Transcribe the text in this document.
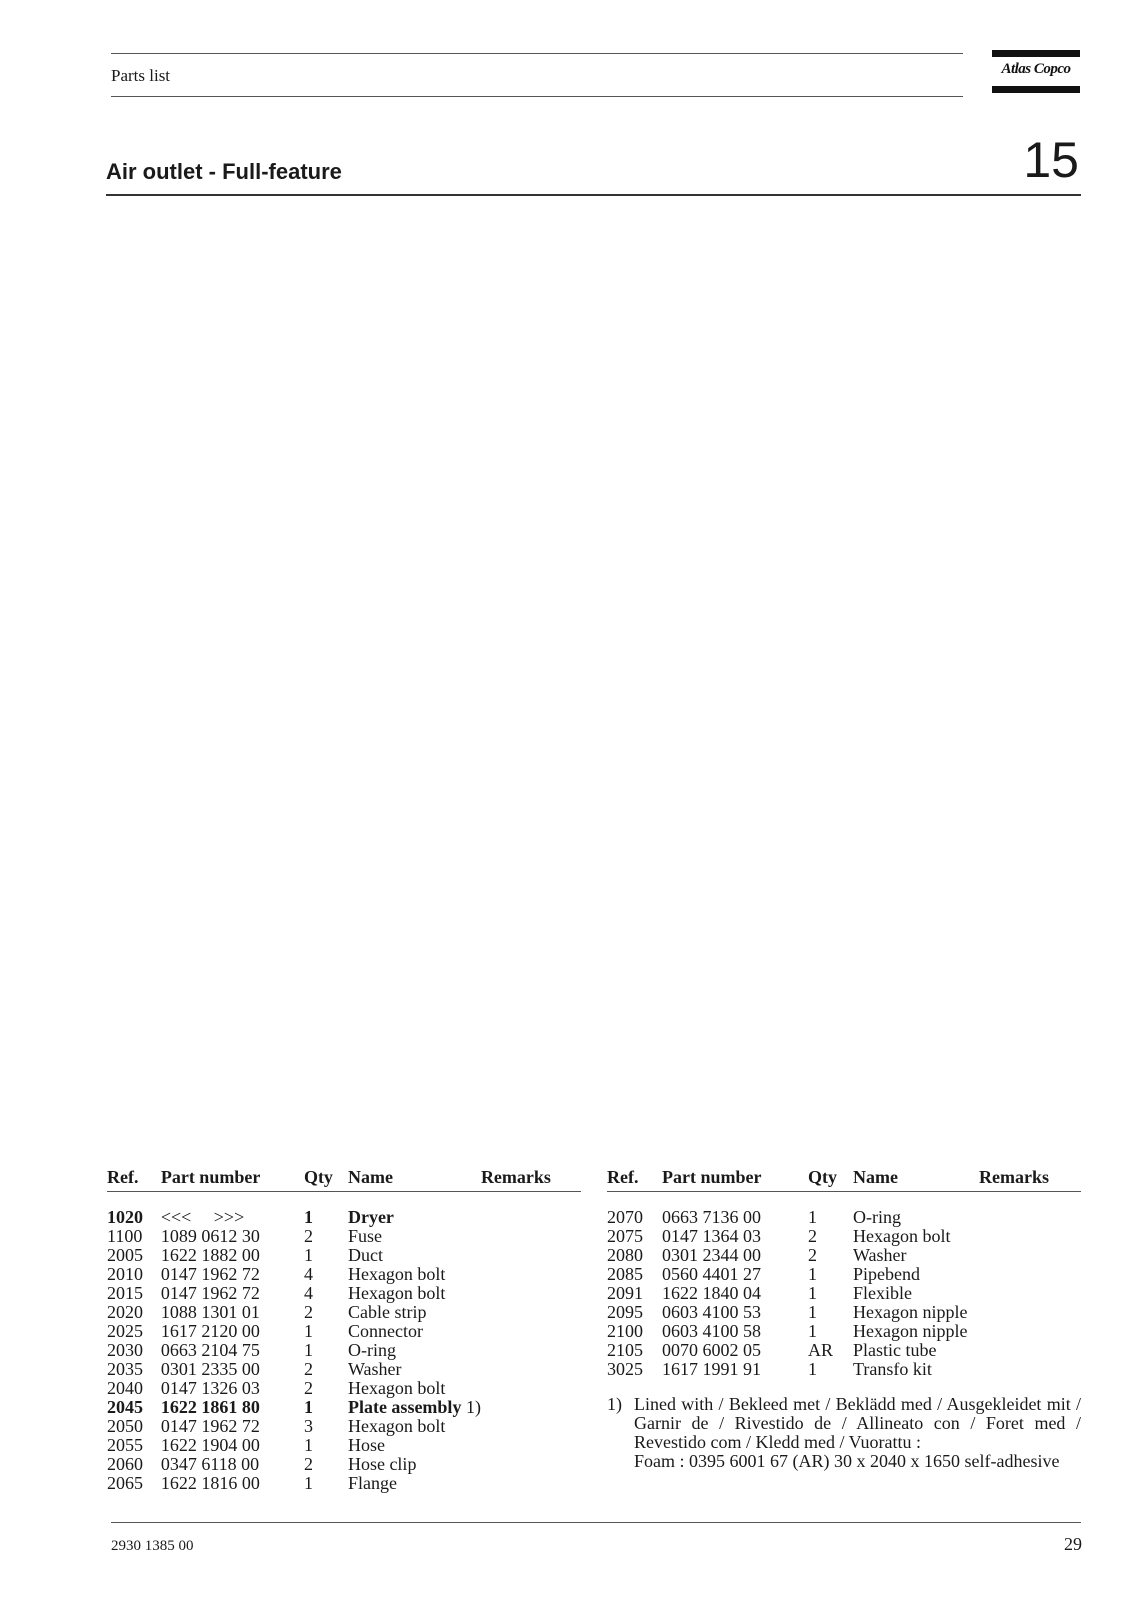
Parts list	Atlas Copco
Air outlet - Full-feature	15
Ref.	Part number	Qty	Name	Remarks

1020	<<<     >>>	1	Dryer	
1100	1089 0612 30	2	Fuse	
2005	1622 1882 00	1	Duct	
2010	0147 1962 72	4	Hexagon bolt	
2015	0147 1962 72	4	Hexagon bolt	
2020	1088 1301 01	2	Cable strip	
2025	1617 2120 00	1	Connector	
2030	0663 2104 75	1	O-ring	
2035	0301 2335 00	2	Washer	
2040	0147 1326 03	2	Hexagon bolt	
2045	1622 1861 80	1	Plate assembly 1)	
2050	0147 1962 72	3	Hexagon bolt	
2055	1622 1904 00	1	Hose	
2060	0347 6118 00	2	Hose clip	
2065	1622 1816 00	1	Flange	
Ref.	Part number	Qty	Name	Remarks

2070	0663 7136 00	1	O-ring	
2075	0147 1364 03	2	Hexagon bolt	
2080	0301 2344 00	2	Washer	
2085	0560 4401 27	1	Pipebend	
2091	1622 1840 04	1	Flexible	
2095	0603 4100 53	1	Hexagon nipple	
2100	0603 4100 58	1	Hexagon nipple	
2105	0070 6002 05	AR	Plastic tube	
3025	1617 1991 91	1	Transfo kit	
1) Lined with / Bekleed met / Beklädd med / Ausgekleidet mit / Garnir de / Rivestido de / Allineato con / Foret med / Revestido com / Kledd med / Vuorattu :
Foam : 0395 6001 67 (AR) 30 x 2040 x 1650 self-adhesive
2930 1385 00	29
